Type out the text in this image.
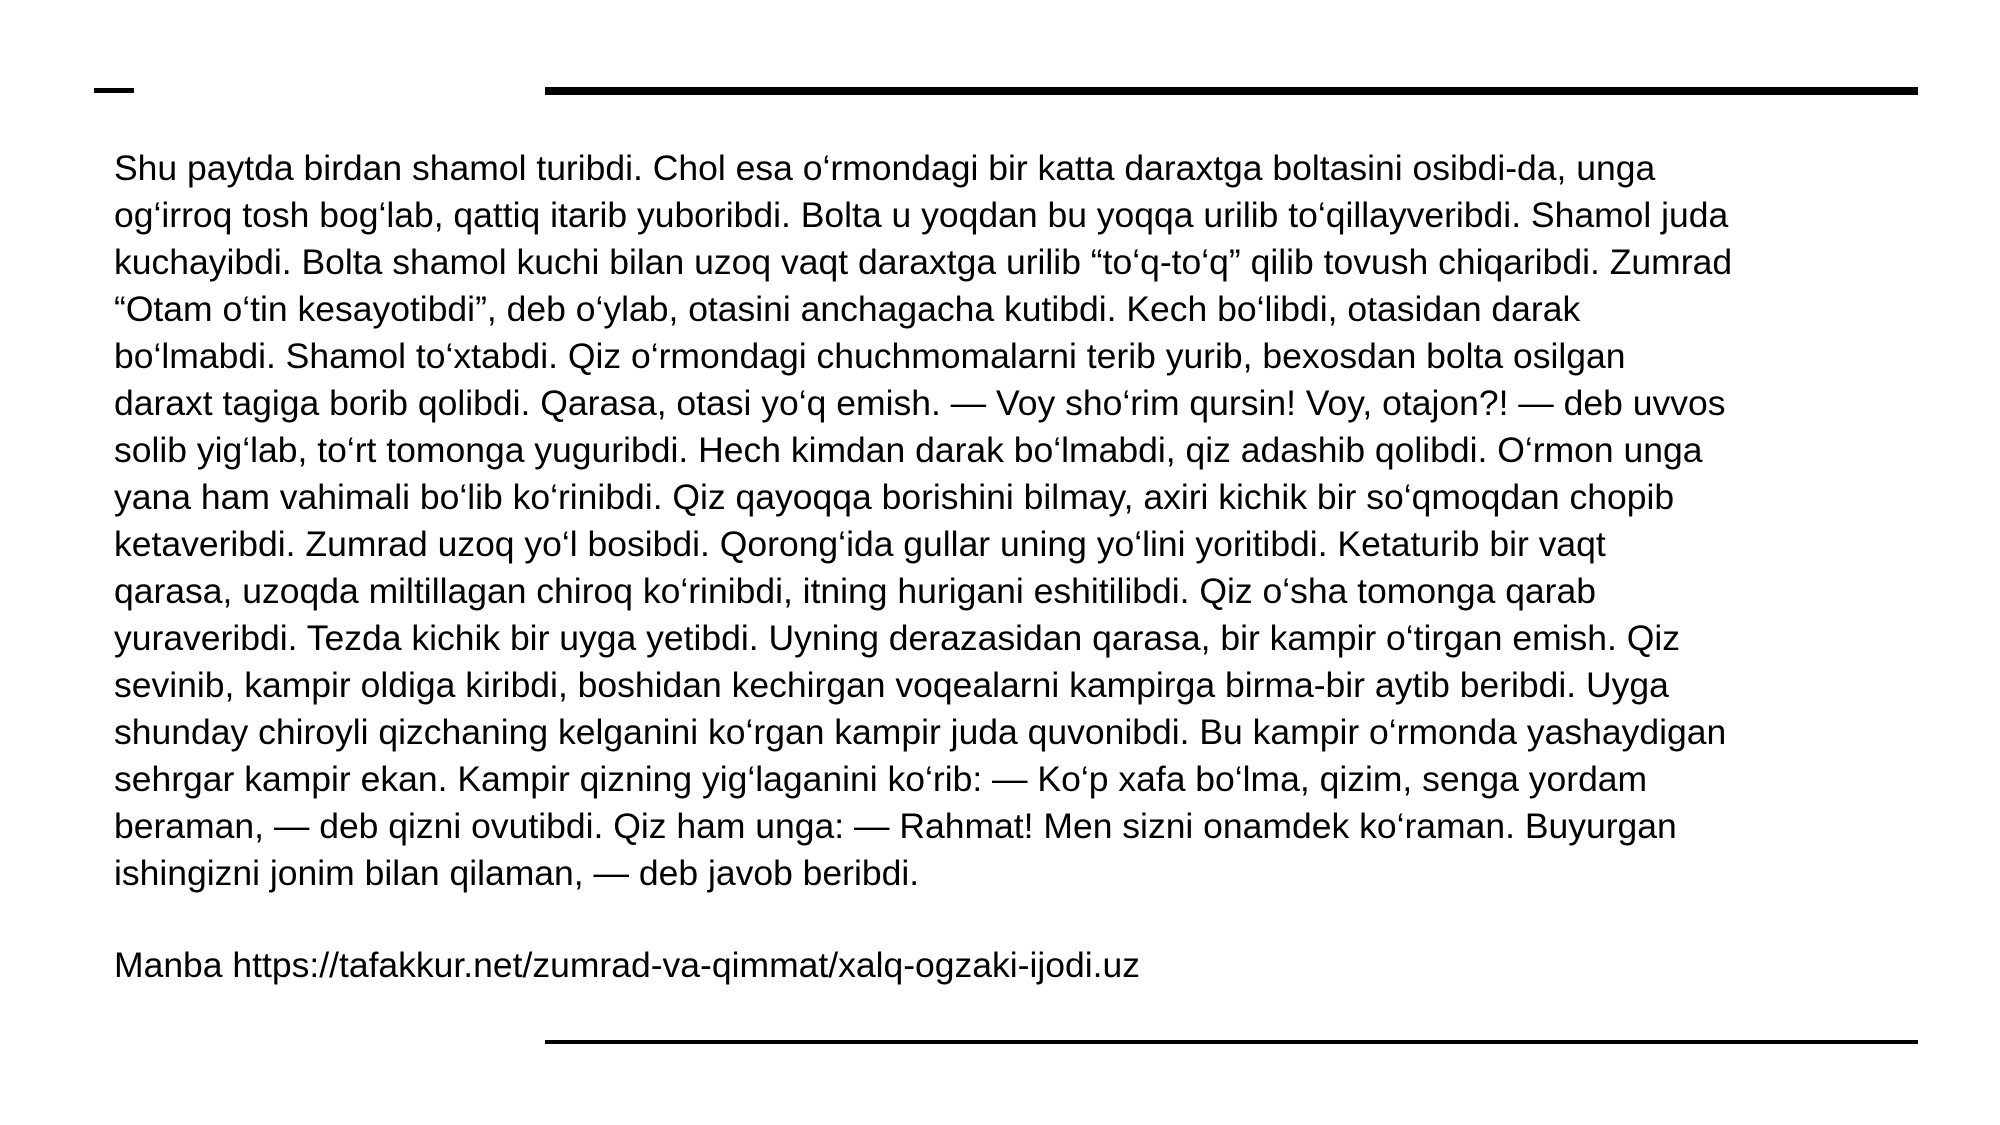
Shu paytda birdan shamol turibdi. Chol esa o‘rmondagi bir katta daraxtga boltasini osibdi-da, unga
og‘irroq tosh bog‘lab, qattiq itarib yuboribdi. Bolta u yoqdan bu yoqqa urilib to‘qillayveribdi. Shamol juda
kuchayibdi. Bolta shamol kuchi bilan uzoq vaqt daraxtga urilib “to‘q-to‘q” qilib tovush chiqaribdi. Zumrad
“Otam o‘tin kesayotibdi”, deb o‘ylab, otasini anchagacha kutibdi. Kech bo‘libdi, otasidan darak
bo‘lmabdi. Shamol to‘xtabdi. Qiz o‘rmondagi chuchmomalarni terib yurib, bexosdan bolta osilgan
daraxt tagiga borib qolibdi. Qarasa, otasi yo‘q emish. — Voy sho‘rim qursin! Voy, otajon?! — deb uvvos
solib yig‘lab, to‘rt tomonga yuguribdi. Hech kimdan darak bo‘lmabdi, qiz adashib qolibdi. O‘rmon unga
yana ham vahimali bo‘lib ko‘rinibdi. Qiz qayoqqa borishini bilmay, axiri kichik bir so‘qmoqdan chopib
ketaveribdi. Zumrad uzoq yo‘l bosibdi. Qorong‘ida gullar uning yo‘lini yoritibdi. Ketaturib bir vaqt
qarasa, uzoqda miltillagan chiroq ko‘rinibdi, itning hurigani eshitilibdi. Qiz o‘sha tomonga qarab
yuraveribdi. Tezda kichik bir uyga yetibdi. Uyning derazasidan qarasa, bir kampir o‘tirgan emish. Qiz
sevinib, kampir oldiga kiribdi, boshidan kechirgan voqealarni kampirga birma-bir aytib beribdi. Uyga
shunday chiroyli qizchaning kelganini ko‘rgan kampir juda quvonibdi. Bu kampir o‘rmonda yashaydigan
sehrgar kampir ekan. Kampir qizning yig‘laganini ko‘rib: — Ko‘p xafa bo‘lma, qizim, senga yordam
beraman, — deb qizni ovutibdi. Qiz ham unga: — Rahmat! Men sizni onamdek ko‘raman. Buyurgan
ishingizni jonim bilan qilaman, — deb javob beribdi.

Manba https://tafakkur.net/zumrad-va-qimmat/xalq-ogzaki-ijodi.uz
